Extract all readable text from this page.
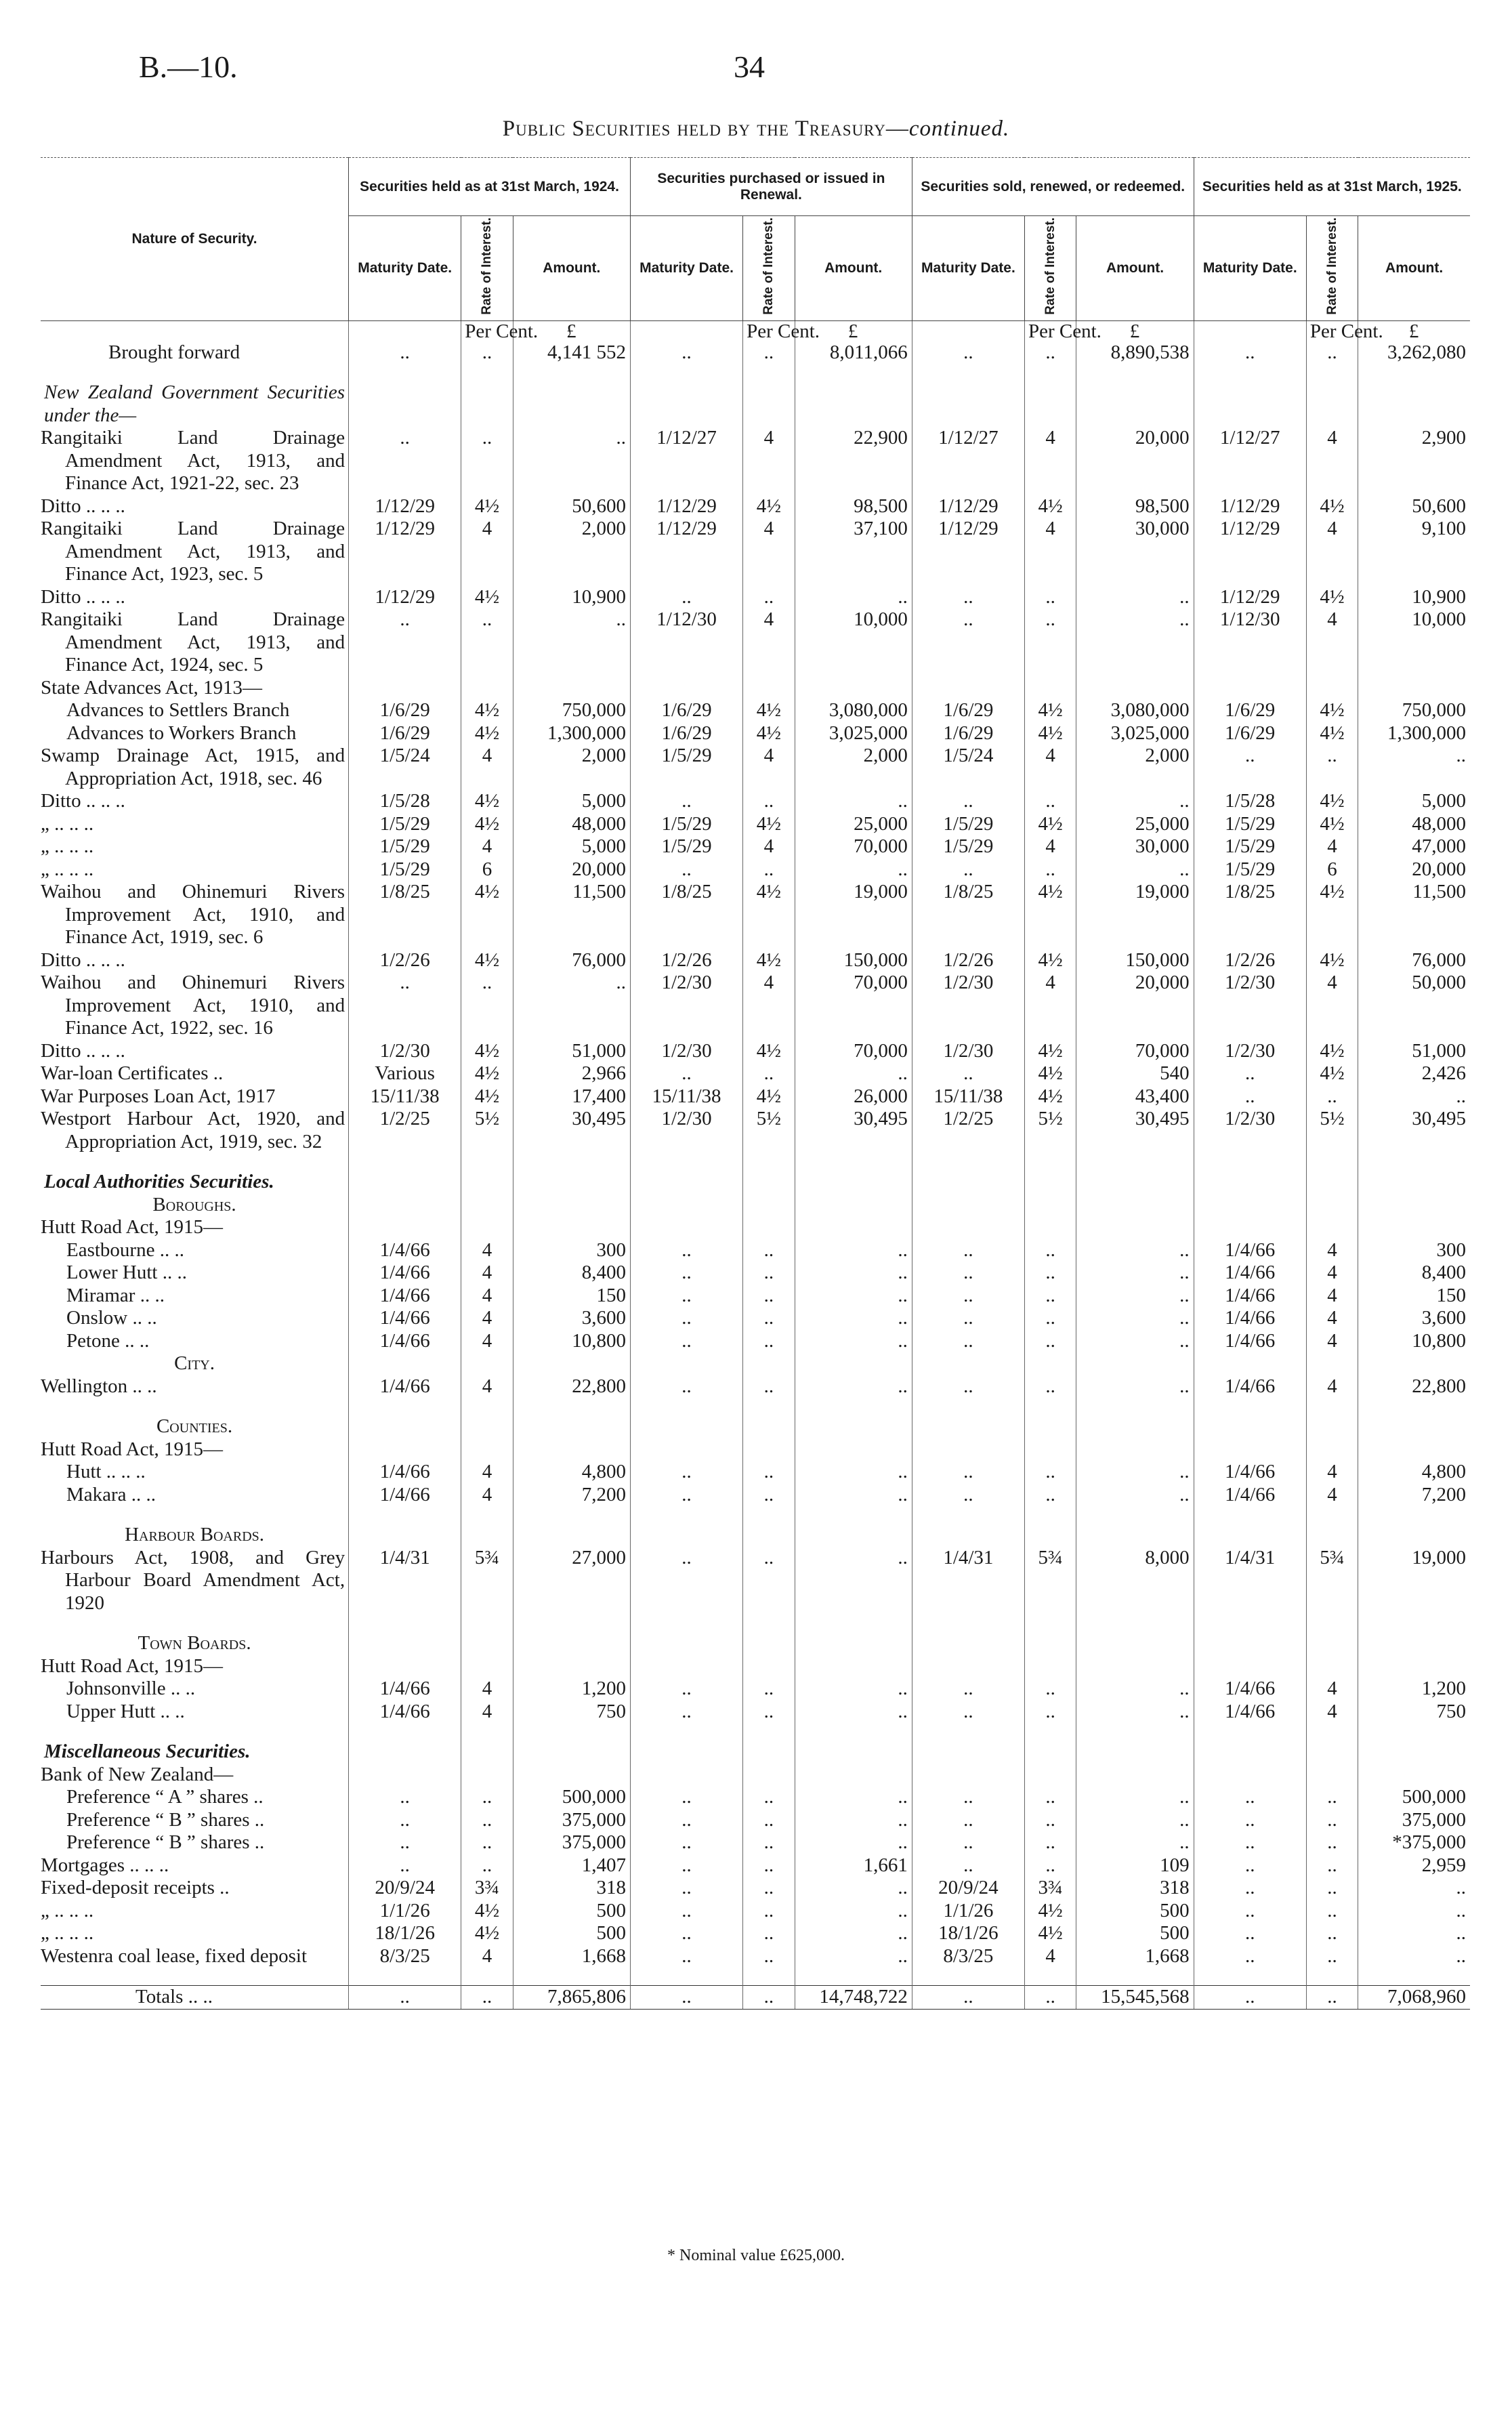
B.—10.	34
Public Securities held by the Treasury—continued.
Nature of Security.	Securities held as at 31st March, 1924.			Securities purchased or issued in Renewal.			Securities sold, renewed, or redeemed.			Securities held as at 31st March, 1925.		
	Maturity Date.	Rate of Interest.	Amount.	Maturity Date.	Rate of Interest.	Amount.	Maturity Date.	Rate of Interest.	Amount.	Maturity Date.	Rate of Interest.	Amount.
		Per Cent.	£		Per Cent.	£		Per Cent.	£		Per Cent.	£
Brought forward	..	..	4,141 552	..	..	8,011,066	..	..	8,890,538	..	..	3,262,080

New Zealand Government Securities under the—												
Rangitaiki Land Drainage Amendment Act, 1913, and Finance Act, 1921-22, sec. 23	..	..	..	1/12/27	4	22,900	1/12/27	4	20,000	1/12/27	4	2,900
Ditto .. .. ..	1/12/29	4½	50,600	1/12/29	4½	98,500	1/12/29	4½	98,500	1/12/29	4½	50,600
Rangitaiki Land Drainage Amendment Act, 1913, and Finance Act, 1923, sec. 5	1/12/29	4	2,000	1/12/29	4	37,100	1/12/29	4	30,000	1/12/29	4	9,100
Ditto .. .. ..	1/12/29	4½	10,900	..	..	..	..	..	..	1/12/29	4½	10,900
Rangitaiki Land Drainage Amendment Act, 1913, and Finance Act, 1924, sec. 5	..	..	..	1/12/30	4	10,000	..	..	..	1/12/30	4	10,000
State Advances Act, 1913—												
Advances to Settlers Branch	1/6/29	4½	750,000	1/6/29	4½	3,080,000	1/6/29	4½	3,080,000	1/6/29	4½	750,000
Advances to Workers Branch	1/6/29	4½	1,300,000	1/6/29	4½	3,025,000	1/6/29	4½	3,025,000	1/6/29	4½	1,300,000
Swamp Drainage Act, 1915, and Appropriation Act, 1918, sec. 46	1/5/24	4	2,000	1/5/29	4	2,000	1/5/24	4	2,000	..	..	..
Ditto .. .. ..	1/5/28	4½	5,000	..	..	..	..	..	..	1/5/28	4½	5,000
„ .. .. ..	1/5/29	4½	48,000	1/5/29	4½	25,000	1/5/29	4½	25,000	1/5/29	4½	48,000
„ .. .. ..	1/5/29	4	5,000	1/5/29	4	70,000	1/5/29	4	30,000	1/5/29	4	47,000
„ .. .. ..	1/5/29	6	20,000	..	..	..	..	..	..	1/5/29	6	20,000
Waihou and Ohinemuri Rivers Improvement Act, 1910, and Finance Act, 1919, sec. 6	1/8/25	4½	11,500	1/8/25	4½	19,000	1/8/25	4½	19,000	1/8/25	4½	11,500
Ditto .. .. ..	1/2/26	4½	76,000	1/2/26	4½	150,000	1/2/26	4½	150,000	1/2/26	4½	76,000
Waihou and Ohinemuri Rivers Improvement Act, 1910, and Finance Act, 1922, sec. 16	..	..	..	1/2/30	4	70,000	1/2/30	4	20,000	1/2/30	4	50,000
Ditto .. .. ..	1/2/30	4½	51,000	1/2/30	4½	70,000	1/2/30	4½	70,000	1/2/30	4½	51,000
War-loan Certificates ..	Various	4½	2,966	..	..	..	..	4½	540	..	4½	2,426
War Purposes Loan Act, 1917	15/11/38	4½	17,400	15/11/38	4½	26,000	15/11/38	4½	43,400	..	..	..
Westport Harbour Act, 1920, and Appropriation Act, 1919, sec. 32	1/2/25	5½	30,495	1/2/30	5½	30,495	1/2/25	5½	30,495	1/2/30	5½	30,495

Local Authorities Securities.												
Boroughs.												
Hutt Road Act, 1915—												
Eastbourne .. ..	1/4/66	4	300	..	..	..	..	..	..	1/4/66	4	300
Lower Hutt .. ..	1/4/66	4	8,400	..	..	..	..	..	..	1/4/66	4	8,400
Miramar .. ..	1/4/66	4	150	..	..	..	..	..	..	1/4/66	4	150
Onslow .. ..	1/4/66	4	3,600	..	..	..	..	..	..	1/4/66	4	3,600
Petone .. ..	1/4/66	4	10,800	..	..	..	..	..	..	1/4/66	4	10,800
City.												
Wellington .. ..	1/4/66	4	22,800	..	..	..	..	..	..	1/4/66	4	22,800

Counties.												
Hutt Road Act, 1915—												
Hutt .. .. ..	1/4/66	4	4,800	..	..	..	..	..	..	1/4/66	4	4,800
Makara .. ..	1/4/66	4	7,200	..	..	..	..	..	..	1/4/66	4	7,200

Harbour Boards.												
Harbours Act, 1908, and Grey Harbour Board Amendment Act, 1920	1/4/31	5¾	27,000	..	..	..	1/4/31	5¾	8,000	1/4/31	5¾	19,000

Town Boards.												
Hutt Road Act, 1915—												
Johnsonville .. ..	1/4/66	4	1,200	..	..	..	..	..	..	1/4/66	4	1,200
Upper Hutt .. ..	1/4/66	4	750	..	..	..	..	..	..	1/4/66	4	750

Miscellaneous Securities.												
Bank of New Zealand—												
Preference “ A ” shares ..	..	..	500,000	..	..	..	..	..	..	..	..	500,000
Preference “ B ” shares ..	..	..	375,000	..	..	..	..	..	..	..	..	375,000
Preference “ B ” shares ..	..	..	375,000	..	..	..	..	..	..	..	..	*375,000
Mortgages .. .. ..	..	..	1,407	..	..	1,661	..	..	109	..	..	2,959
Fixed-deposit receipts ..	20/9/24	3¾	318	..	..	..	20/9/24	3¾	318	..	..	..
„ .. .. ..	1/1/26	4½	500	..	..	..	1/1/26	4½	500	..	..	..
„ .. .. ..	18/1/26	4½	500	..	..	..	18/1/26	4½	500	..	..	..
Westenra coal lease, fixed deposit	8/3/25	4	1,668	..	..	..	8/3/25	4	1,668	..	..	..

Totals .. ..	..	..	7,865,806	..	..	14,748,722	..	..	15,545,568	..	..	7,068,960
* Nominal value £625,000.
